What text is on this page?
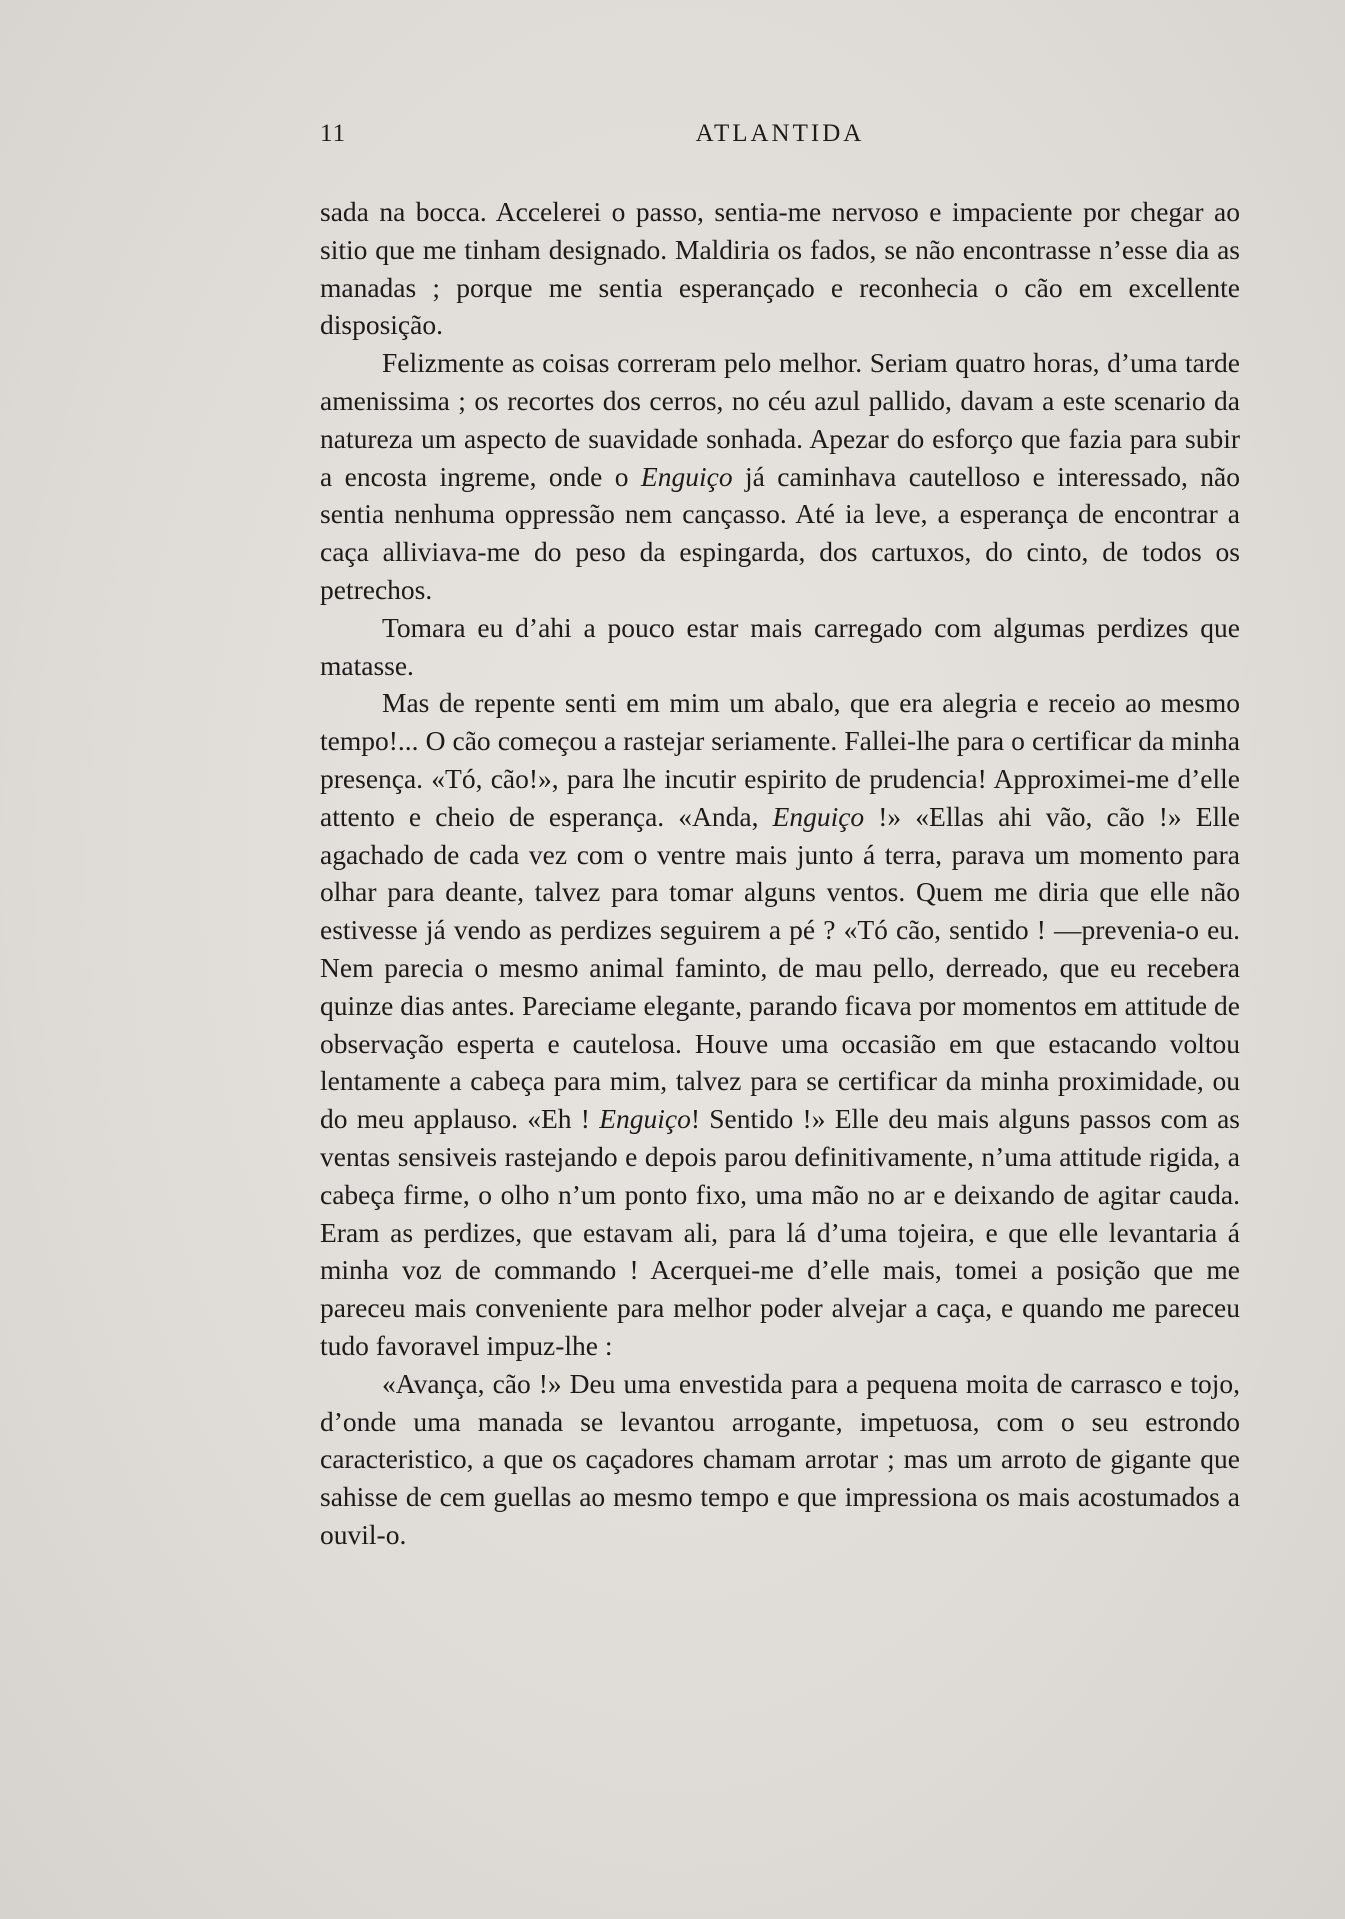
11	ATLANTIDA

sada na bocca. Accelerei o passo, sentia-me nervoso e impaciente por chegar ao sitio que me tinham designado. Maldiria os fados, se não encontrasse n’esse dia as manadas ; porque me sentia esperançado e reconhecia o cão em excellente disposição.

Felizmente as coisas correram pelo melhor. Seriam quatro horas, d’uma tarde amenissima ; os recortes dos cerros, no céu azul pallido, davam a este scenario da natureza um aspecto de suavidade sonhada. Apezar do esforço que fazia para subir a encosta ingreme, onde o Enguiço já caminhava cautelloso e interessado, não sentia nenhuma oppressão nem cançasso. Até ia leve, a esperança de encontrar a caça alliviava-me do peso da espingarda, dos cartuxos, do cinto, de todos os petrechos.

Tomara eu d’ahi a pouco estar mais carregado com algumas perdizes que matasse.

Mas de repente senti em mim um abalo, que era alegria e receio ao mesmo tempo!... O cão começou a rastejar seriamente. Fallei-lhe para o certificar da minha presença. «Tó, cão!», para lhe incutir espirito de prudencia! Approximei-me d’elle attento e cheio de esperança. «Anda, Enguiço !» «Ellas ahi vão, cão !» Elle agachado de cada vez com o ventre mais junto á terra, parava um momento para olhar para deante, talvez para tomar alguns ventos. Quem me diria que elle não estivesse já vendo as perdizes seguirem a pé ? «Tó cão, sentido ! —prevenia-o eu. Nem parecia o mesmo animal faminto, de mau pello, derreado, que eu recebera quinze dias antes. Pareciame elegante, parando ficava por momentos em attitude de observação esperta e cautelosa. Houve uma occasião em que estacando voltou lentamente a cabeça para mim, talvez para se certificar da minha proximidade, ou do meu applauso. «Eh ! Enguiço! Sentido !» Elle deu mais alguns passos com as ventas sensiveis rastejando e depois parou definitivamente, n’uma attitude rigida, a cabeça firme, o olho n’um ponto fixo, uma mão no ar e deixando de agitar cauda. Eram as perdizes, que estavam ali, para lá d’uma tojeira, e que elle levantaria á minha voz de commando ! Acerquei-me d’elle mais, tomei a posição que me pareceu mais conveniente para melhor poder alvejar a caça, e quando me pareceu tudo favoravel impuz-lhe :

«Avança, cão !» Deu uma envestida para a pequena moita de carrasco e tojo, d’onde uma manada se levantou arrogante, impetuosa, com o seu estrondo caracteristico, a que os caçadores chamam arrotar ; mas um arroto de gigante que sahisse de cem guellas ao mesmo tempo e que impressiona os mais acostumados a ouvil-o.
